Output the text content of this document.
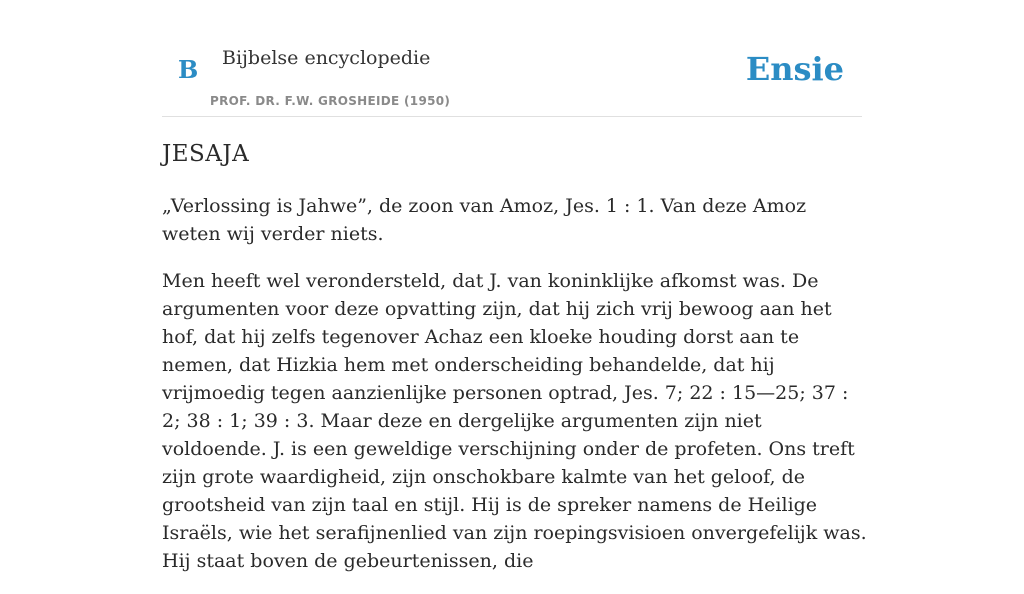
B Bijbelse encyclopedie
PROF. DR. F.W. GROSHEIDE (1950)
Ensie
JESAJA

„Verlossing is Jahwe”, de zoon van Amoz, Jes. 1 : 1. Van deze Amoz weten wij verder niets.

Men heeft wel verondersteld, dat J. van koninklijke afkomst was. De argumenten voor deze opvatting zijn, dat hij zich vrij bewoog aan het hof, dat hij zelfs tegenover Achaz een kloeke houding dorst aan te nemen, dat Hizkia hem met onderscheiding behandelde, dat hij vrijmoedig tegen aanzienlijke personen optrad, Jes. 7; 22 : 15—25; 37 : 2; 38 : 1; 39 : 3. Maar deze en dergelijke argumenten zijn niet voldoende. J. is een geweldige verschijning onder de profeten. Ons treft zijn grote waardigheid, zijn onschokbare kalmte van het geloof, de grootsheid van zijn taal en stijl. Hij is de spreker namens de Heilige Israëls, wie het serafijnenlied van zijn roepingsvisioen onvergefelijk was. Hij staat boven de gebeurtenissen, die
